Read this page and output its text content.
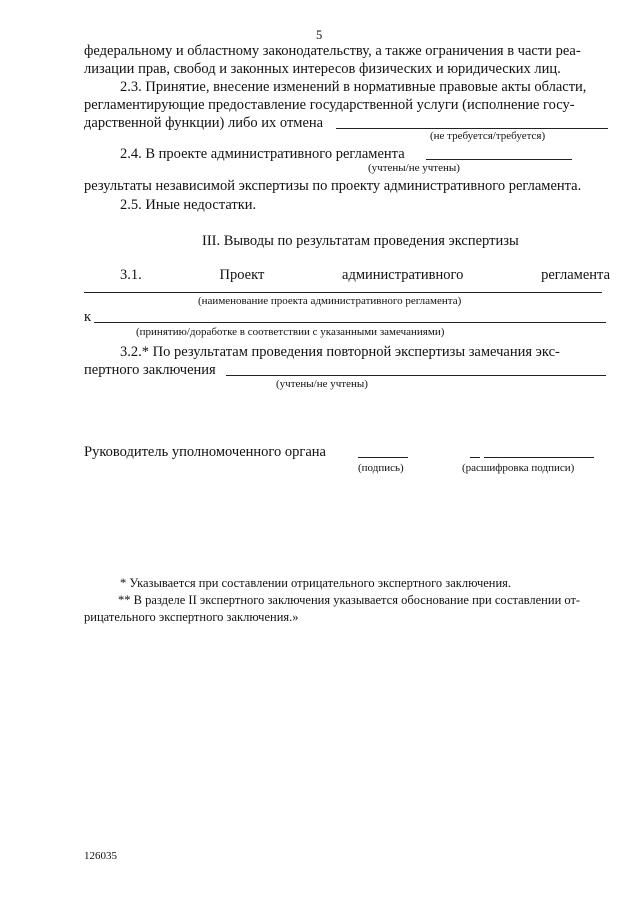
5
федеральному и областному законодательству, а также ограничения в части реа-
лизации прав, свобод и законных интересов физических и юридических лиц.
2.3. Принятие, внесение изменений в нормативные правовые акты области,
регламентирующие предоставление государственной услуги (исполнение госу-
дарственной функции) либо их отмена
(не требуется/требуется)
2.4. В проекте административного регламента
(учтены/не учтены)
результаты независимой экспертизы по проекту административного регламента.
2.5. Иные недостатки.
III. Выводы по результатам проведения экспертизы
3.1.	Проект	административного	регламента
(наименование проекта административного регламента)
к
(принятию/доработке в соответствии с указанными замечаниями)
3.2.* По результатам проведения повторной экспертизы замечания экс-
пертного заключения
(учтены/не учтены)
Руководитель уполномоченного органа
(подпись)	(расшифровка подписи)
* Указывается при составлении отрицательного экспертного заключения.
** В разделе II экспертного заключения указывается обоснование при составлении от-
рицательного экспертного заключения.»
126035
